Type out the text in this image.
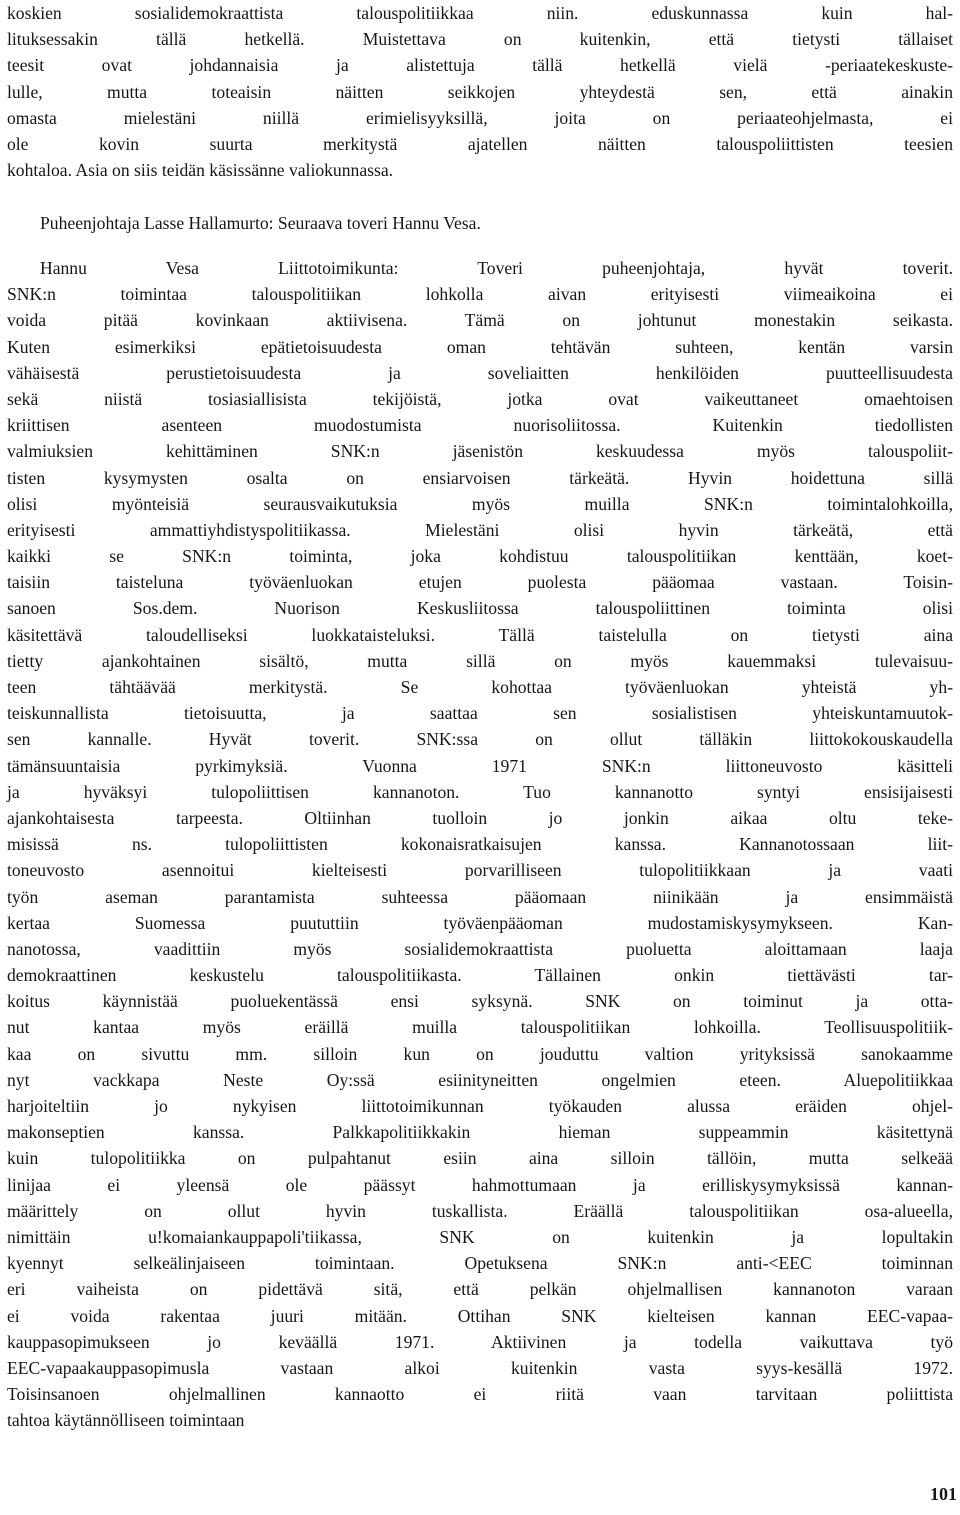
koskien sosialidemokraattista talouspolitiikkaa niin. eduskunnassa kuin hal-
lituksessakin tällä hetkellä. Muistettava on kuitenkin, että tietysti tällaiset
teesit ovat johdannaisia ja alistettuja tällä hetkellä vielä -periaatekeskuste-
lulle, mutta toteaisin näitten seikkojen yhteydestä sen, että ainakin
omasta mielestäni niillä erimielisyyksillä, joita on periaateohjelmasta, ei
ole kovin suurta merkitystä ajatellen näitten talouspoliittisten teesien
kohtaloa. Asia on siis teidän käsissänne valiokunnassa.
Puheenjohtaja Lasse Hallamurto: Seuraava toveri Hannu Vesa.
Hannu Vesa Liittotoimikunta: Toveri puheenjohtaja, hyvät toverit.
SNK:n toimintaa talouspolitiikan lohkolla aivan erityisesti viimeaikoina ei
voida pitää kovinkaan aktiivisena. Tämä on johtunut monestakin seikasta.
Kuten esimerkiksi epätietoisuudesta oman tehtävän suhteen, kentän varsin
vähäisestä perustietoisuudesta ja soveliaitten henkilöiden puutteellisuudesta
sekä niistä tosiasiallisista tekijöistä, jotka ovat vaikeuttaneet omaehtoisen
kriittisen asenteen muodostumista nuorisoliitossa. Kuitenkin tiedollisten
valmiuksien kehittäminen SNK:n jäsenistön keskuudessa myös talouspoliit-
tisten kysymysten osalta on ensiarvoisen tärkeätä. Hyvin hoidettuna sillä
olisi myönteisiä seurausvaikutuksia myös muilla SNK:n toimintalohkoilla,
erityisesti ammattiyhdistyspolitiikassa. Mielestäni olisi hyvin tärkeätä, että
kaikki se SNK:n toiminta, joka kohdistuu talouspolitiikan kenttään, koet-
taisiin taisteluna työväenluokan etujen puolesta pääomaa vastaan. Toisin-
sanoen Sos.dem. Nuorison Keskusliitossa talouspoliittinen toiminta olisi
käsitettävä taloudelliseksi luokkataisteluksi. Tällä taistelulla on tietysti aina
tietty ajankohtainen sisältö, mutta sillä on myös kauemmaksi tulevaisuu-
teen tähtäävää merkitystä. Se kohottaa työväenluokan yhteistä yh-
teiskunnallista tietoisuutta, ja saattaa sen sosialistisen yhteiskuntamuutok-
sen kannalle. Hyvät toverit. SNK:ssa on ollut tälläkin liittokokouskaudella
tämänsuuntaisia pyrkimyksiä. Vuonna 1971 SNK:n liittoneuvosto käsitteli
ja hyväksyi tulopoliittisen kannanoton. Tuo kannanotto syntyi ensisijaisesti
ajankohtaisesta tarpeesta. Oltiinhan tuolloin jo jonkin aikaa oltu teke-
misissä ns. tulopoliittisten kokonaisratkaisujen kanssa. Kannanotossaan liit-
toneuvosto asennoitui kielteisesti porvarilliseen tulopolitiikkaan ja vaati
työn aseman parantamista suhteessa pääomaan niinikään ja ensimmäistä
kertaa Suomessa puututtiin työväenpääoman mudostamiskysymykseen. Kan-
nanotossa, vaadittiin myös sosialidemokraattista puoluetta aloittamaan laaja
demokraattinen keskustelu talouspolitiikasta. Tällainen onkin tiettävästi tar-
koitus käynnistää puoluekentässä ensi syksynä. SNK on toiminut ja otta-
nut kantaa myös eräillä muilla talouspolitiikan lohkoilla. Teollisuuspolitiik-
kaa on sivuttu mm. silloin kun on jouduttu valtion yrityksissä sanokaamme
nyt vackkapa Neste Oy:ssä esiinityneitten ongelmien eteen. Aluepolitiikkaa
harjoiteltiin jo nykyisen liittotoimikunnan työkauden alussa eräiden ohjel-
makonseptien kanssa. Palkkapolitiikkakin hieman suppeammin käsitettynä
kuin tulopolitiikka on pulpahtanut esiin aina silloin tällöin, mutta selkeää
linijaa ei yleensä ole päässyt hahmottumaan ja erilliskysymyksissä kannan-
määrittely on ollut hyvin tuskallista. Eräällä talouspolitiikan osa-alueella,
nimittäin u!komaiankauppapoli'tiikassa, SNK on kuitenkin ja lopultakin
kyennyt selkeälinjaiseen toimintaan. Opetuksena SNK:n anti-<EEC toiminnan
eri vaiheista on pidettävä sitä, että pelkän ohjelmallisen kannanoton varaan
ei voida rakentaa juuri mitään. Ottihan SNK kielteisen kannan EEC-vapaa-
kauppasopimukseen jo keväällä 1971. Aktiivinen ja todella vaikuttava työ
EEC-vapaakauppasopimusla vastaan alkoi kuitenkin vasta syys-kesällä 1972.
Toisinsanoen ohjelmallinen kannaotto ei riitä vaan tarvitaan poliittista
tahtoa käytännölliseen toimintaan
101
